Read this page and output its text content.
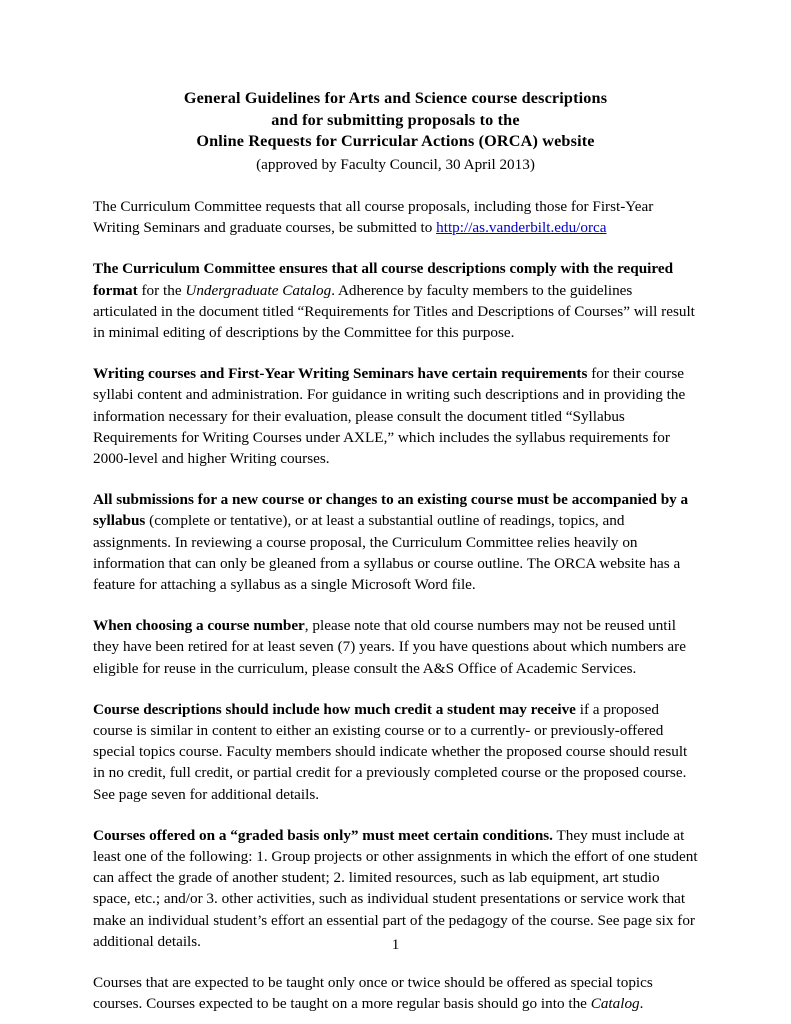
General Guidelines for Arts and Science course descriptions
and for submitting proposals to the
Online Requests for Curricular Actions (ORCA) website
(approved by Faculty Council, 30 April 2013)

The Curriculum Committee requests that all course proposals, including those for First-Year Writing Seminars and graduate courses, be submitted to http://as.vanderbilt.edu/orca

The Curriculum Committee ensures that all course descriptions comply with the required format for the Undergraduate Catalog. Adherence by faculty members to the guidelines articulated in the document titled “Requirements for Titles and Descriptions of Courses” will result in minimal editing of descriptions by the Committee for this purpose.

Writing courses and First-Year Writing Seminars have certain requirements for their course syllabi content and administration. For guidance in writing such descriptions and in providing the information necessary for their evaluation, please consult the document titled “Syllabus Requirements for Writing Courses under AXLE,” which includes the syllabus requirements for 2000-level and higher Writing courses.

All submissions for a new course or changes to an existing course must be accompanied by a syllabus (complete or tentative), or at least a substantial outline of readings, topics, and assignments. In reviewing a course proposal, the Curriculum Committee relies heavily on information that can only be gleaned from a syllabus or course outline. The ORCA website has a feature for attaching a syllabus as a single Microsoft Word file.

When choosing a course number, please note that old course numbers may not be reused until they have been retired for at least seven (7) years. If you have questions about which numbers are eligible for reuse in the curriculum, please consult the A&S Office of Academic Services.

Course descriptions should include how much credit a student may receive if a proposed course is similar in content to either an existing course or to a currently- or previously-offered special topics course. Faculty members should indicate whether the proposed course should result in no credit, full credit, or partial credit for a previously completed course or the proposed course. See page seven for additional details.

Courses offered on a “graded basis only” must meet certain conditions. They must include at least one of the following: 1. Group projects or other assignments in which the effort of one student can affect the grade of another student; 2. limited resources, such as lab equipment, art studio space, etc.; and/or 3. other activities, such as individual student presentations or service work that make an individual student’s effort an essential part of the pedagogy of the course. See page six for additional details.

Courses that are expected to be taught only once or twice should be offered as special topics courses. Courses expected to be taught on a more regular basis should go into the Catalog.

1
